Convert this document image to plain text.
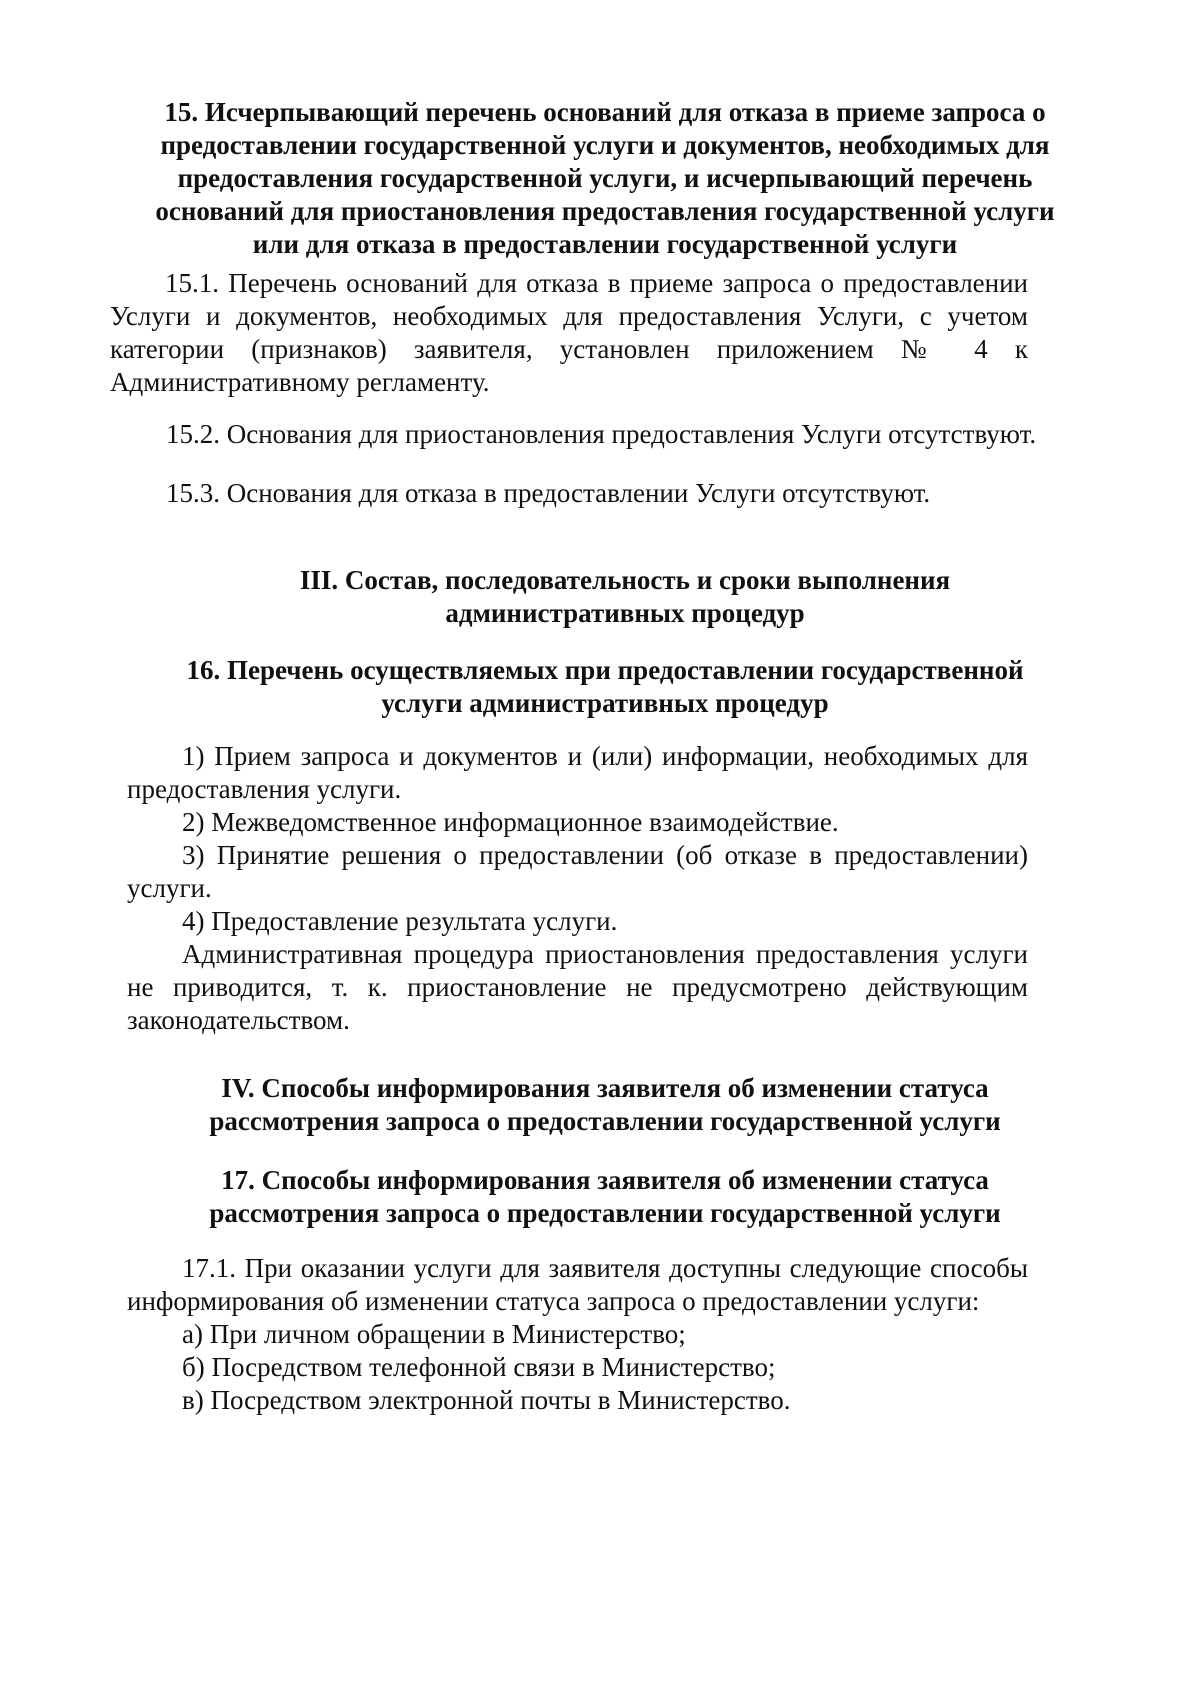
15. Исчерпывающий перечень оснований для отказа в приеме запроса о
предоставлении государственной услуги и документов, необходимых для
предоставления государственной услуги, и исчерпывающий перечень
оснований для приостановления предоставления государственной услуги
или для отказа в предоставлении государственной услуги

15.1. Перечень оснований для отказа в приеме запроса о предоставлении Услуги и документов, необходимых для предоставления Услуги, с учетом категории (признаков) заявителя, установлен приложением № 4 к Административному регламенту.

15.2. Основания для приостановления предоставления Услуги отсутствуют.
15.3. Основания для отказа в предоставлении Услуги отсутствуют.
III. Состав, последовательность и сроки выполнения
административных процедур
16. Перечень осуществляемых при предоставлении государственной
услуги административных процедур

1) Прием запроса и документов и (или) информации, необходимых для предоставления услуги.

2) Межведомственное информационное взаимодействие.

3) Принятие решения о предоставлении (об отказе в предоставлении) услуги.

4) Предоставление результата услуги.

Административная процедура приостановления предоставления услуги не приводится, т. к. приостановление не предусмотрено действующим законодательством.

IV. Способы информирования заявителя об изменении статуса
рассмотрения запроса о предоставлении государственной услуги
17. Способы информирования заявителя об изменении статуса
рассмотрения запроса о предоставлении государственной услуги

17.1. При оказании услуги для заявителя доступны следующие способы информирования об изменении статуса запроса о предоставлении услуги:

а) При личном обращении в Министерство;

б) Посредством телефонной связи в Министерство;

в) Посредством электронной почты в Министерство.
